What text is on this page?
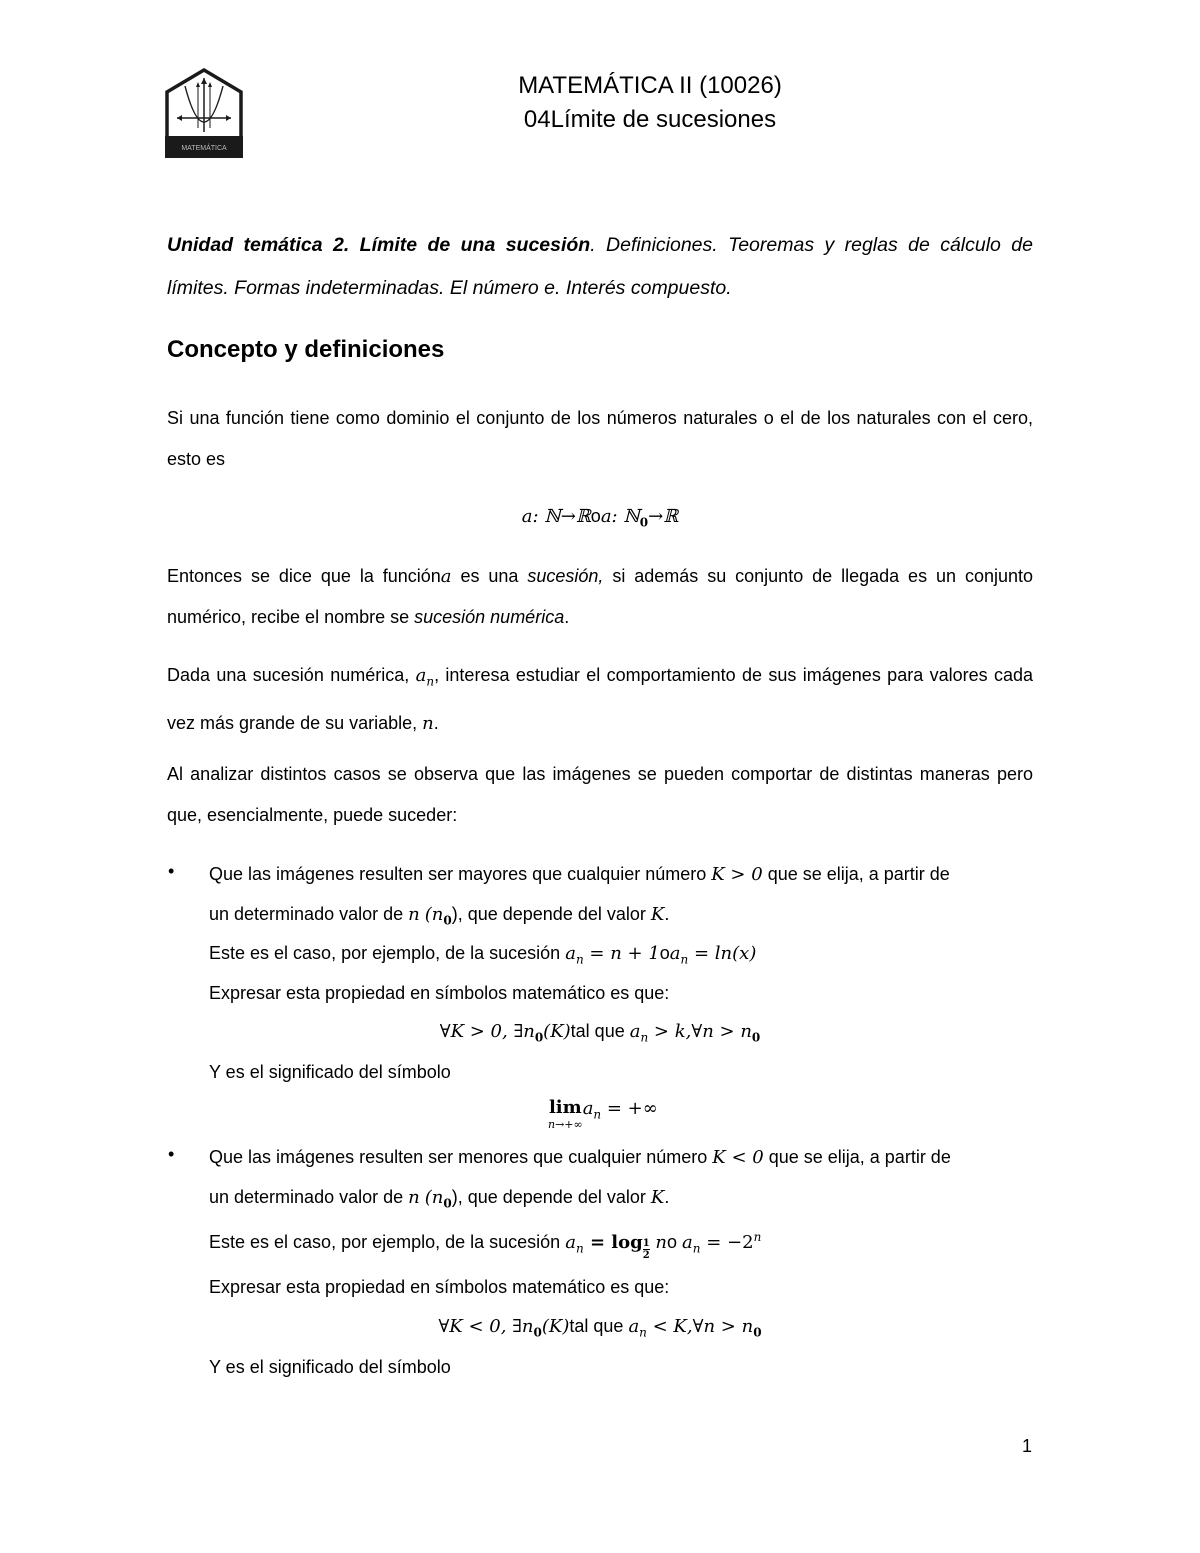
MATEMÁTICA
MATEMÁTICA II (10026)
04Límite de sucesiones
Unidad temática 2. Límite de una sucesión. Definiciones. Teoremas y reglas de cálculo de límites. Formas indeterminadas. El número e. Interés compuesto.
Concepto y definiciones
Si una función tiene como dominio el conjunto de los números naturales o el de los naturales con el cero, esto es
a: ℕ→ℝoa: ℕ$_0$→ℝ
Entonces se dice que la funcióna es una sucesión, si además su conjunto de llegada es un conjunto numérico, recibe el nombre se sucesión numérica.
Dada una sucesión numérica, $a_n$, interesa estudiar el comportamiento de sus imágenes para valores cada vez más grande de su variable, n.
Al analizar distintos casos se observa que las imágenes se pueden comportar de distintas maneras pero que, esencialmente, puede suceder:
• Que las imágenes resulten ser mayores que cualquier número K > 0 que se elija, a partir de
un determinado valor de n $(n_0)$, que depende del valor K.
Este es el caso, por ejemplo, de la sucesión $a_n = n + 1oa_n = \ln(x)$
Expresar esta propiedad en símbolos matemático es que:
∀K > 0, $\exists n_0(K)tal$ que $a_n$ > k,∀n > $n_0$
Y es el significado del símbolo
lim
n→+∞
$a_n$ = +∞
• Que las imágenes resulten ser menores que cualquier número K < 0 que se elija, a partir de
un determinado valor de n $(n_0)$, que depende del valor K.
Este es el caso, por ejemplo, de la sucesión $a_n = \log \frac{1}{2}$ no $a_n = -2^n$
Expresar esta propiedad en símbolos matemático es que:
∀K < 0, $\exists n_0(K)tal$ que $a_n$ < K,∀n > $n_0$
Y es el significado del símbolo
1
